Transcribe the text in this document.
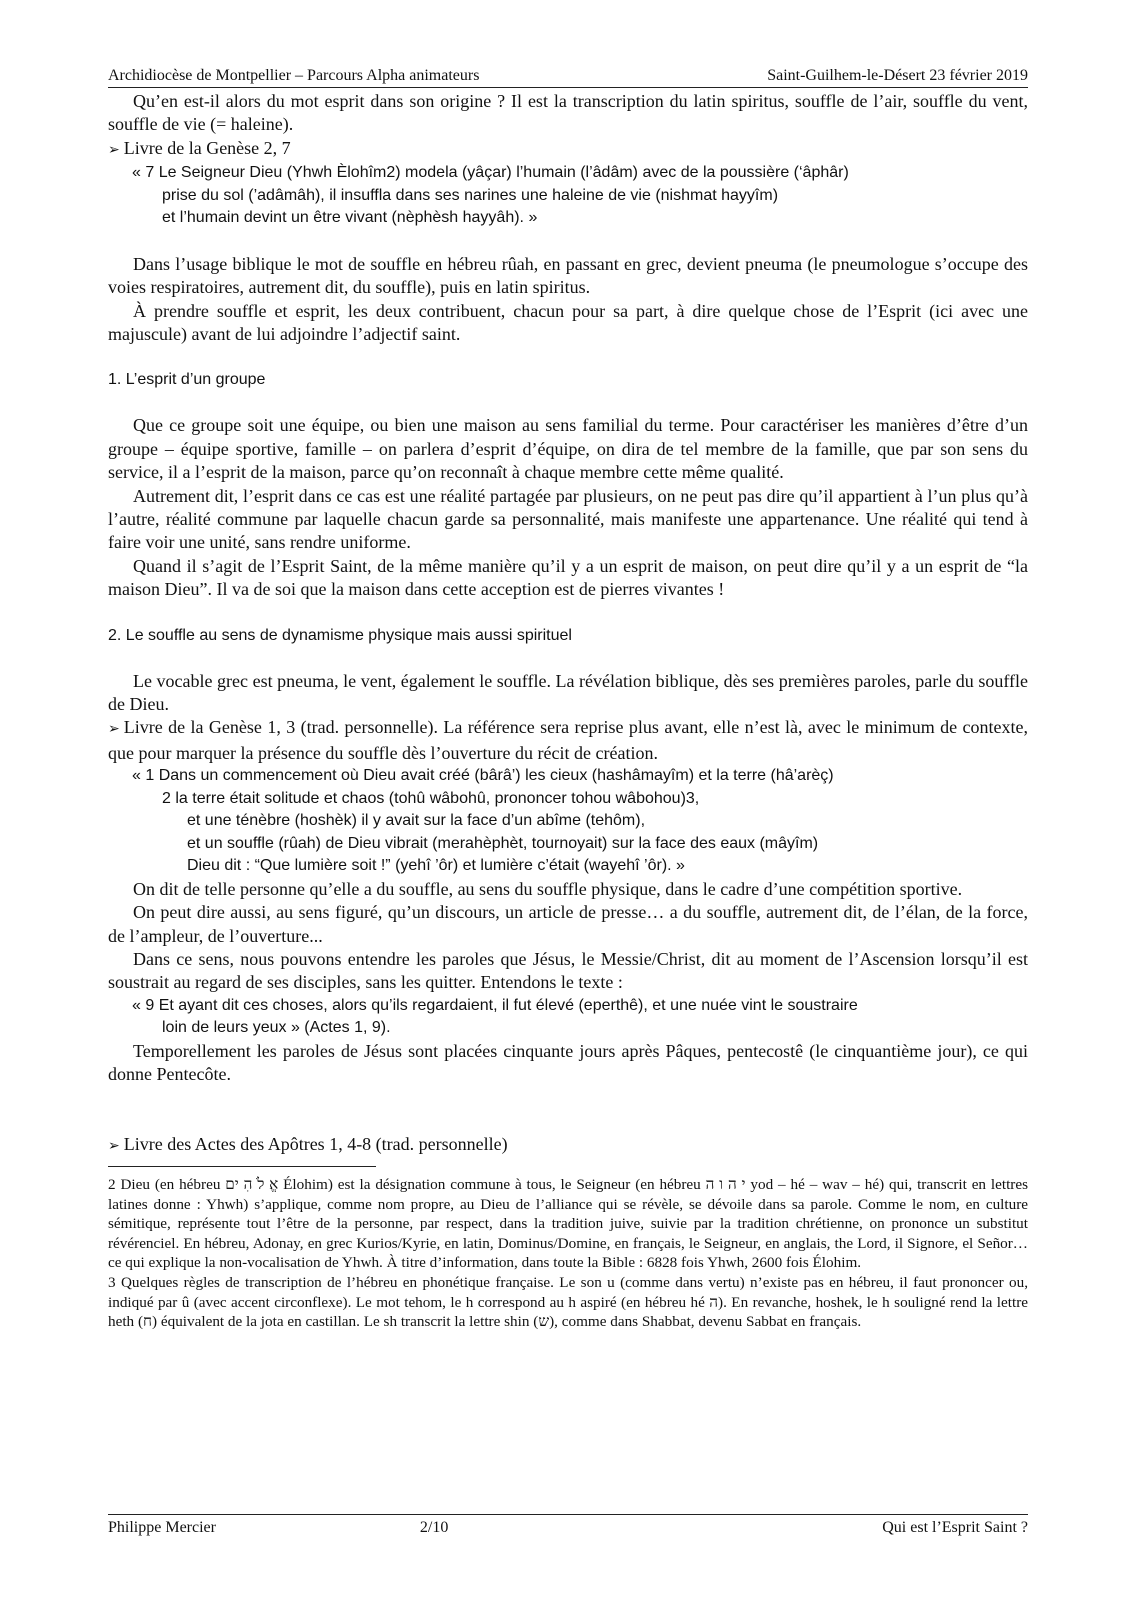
Archidiocèse de Montpellier – Parcours Alpha animateurs	Saint-Guilhem-le-Désert 23 février 2019

Qu’en est-il alors du mot esprit dans son origine ? Il est la transcription du latin spiritus, souffle de l’air, souffle du vent, souffle de vie (= haleine).

➢ Livre de la Genèse 2, 7

« 7 Le Seigneur Dieu (Yhwh Èlohîm2) modela (yâçar) l’humain (l’âdâm) avec de la poussière (‘âphâr)

prise du sol (’adâmâh), il insuffla dans ses narines une haleine de vie (nishmat hayyîm)

et l’humain devint un être vivant (nèphèsh hayyâh). »

Dans l’usage biblique le mot de souffle en hébreu rûah, en passant en grec, devient pneuma (le pneumologue s’occupe des voies respiratoires, autrement dit, du souffle), puis en latin spiritus.

À prendre souffle et esprit, les deux contribuent, chacun pour sa part, à dire quelque chose de l’Esprit (ici avec une majuscule) avant de lui adjoindre l’adjectif saint.

1. L’esprit d’un groupe

Que ce groupe soit une équipe, ou bien une maison au sens familial du terme. Pour caractériser les manières d’être d’un groupe – équipe sportive, famille – on parlera d’esprit d’équipe, on dira de tel membre de la famille, que par son sens du service, il a l’esprit de la maison, parce qu’on reconnaît à chaque membre cette même qualité.

Autrement dit, l’esprit dans ce cas est une réalité partagée par plusieurs, on ne peut pas dire qu’il appartient à l’un plus qu’à l’autre, réalité commune par laquelle chacun garde sa personnalité, mais manifeste une appartenance. Une réalité qui tend à faire voir une unité, sans rendre uniforme.

Quand il s’agit de l’Esprit Saint, de la même manière qu’il y a un esprit de maison, on peut dire qu’il y a un esprit de “la maison Dieu”. Il va de soi que la maison dans cette acception est de pierres vivantes !

2. Le souffle au sens de dynamisme physique mais aussi spirituel

Le vocable grec est pneuma, le vent, également le souffle. La révélation biblique, dès ses premières paroles, parle du souffle de Dieu.

➢ Livre de la Genèse 1, 3 (trad. personnelle). La référence sera reprise plus avant, elle n’est là, avec le minimum de contexte, que pour marquer la présence du souffle dès l’ouverture du récit de création.

« 1 Dans un commencement où Dieu avait créé (bârâ’) les cieux (hashâmayîm) et la terre (hâ’arèç)

2 la terre était solitude et chaos (tohû wâbohû, prononcer tohou wâbohou)3,

et une ténèbre (hoshèk) il y avait sur la face d’un abîme (tehôm),

et un souffle (rûah) de Dieu vibrait (merahèphèt, tournoyait) sur la face des eaux (mâyîm)

Dieu dit : “Que lumière soit !” (yehî ’ôr) et lumière c’était (wayehî ’ôr). »

On dit de telle personne qu’elle a du souffle, au sens du souffle physique, dans le cadre d’une compétition sportive.

On peut dire aussi, au sens figuré, qu’un discours, un article de presse… a du souffle, autrement dit, de l’élan, de la force, de l’ampleur, de l’ouverture...

Dans ce sens, nous pouvons entendre les paroles que Jésus, le Messie/Christ, dit au moment de l’Ascension lorsqu’il est soustrait au regard de ses disciples, sans les quitter. Entendons le texte :

« 9 Et ayant dit ces choses, alors qu’ils regardaient, il fut élevé (eperthê), et une nuée vint le soustraire

loin de leurs yeux » (Actes 1, 9).

Temporellement les paroles de Jésus sont placées cinquante jours après Pâques, pentecostê (le cinquantième jour), ce qui donne Pentecôte.

➢ Livre des Actes des Apôtres 1, 4-8 (trad. personnelle)

2 Dieu (en hébreu אֱ לֹ הִ ים Élohim) est la désignation commune à tous, le Seigneur (en hébreu י ה ו ה yod – hé – wav – hé) qui, transcrit en lettres latines donne : Yhwh) s’applique, comme nom propre, au Dieu de l’alliance qui se révèle, se dévoile dans sa parole. Comme le nom, en culture sémitique, représente tout l’être de la personne, par respect, dans la tradition juive, suivie par la tradition chrétienne, on prononce un substitut révérenciel. En hébreu, Adonay, en grec Kurios/Kyrie, en latin, Dominus/Domine, en français, le Seigneur, en anglais, the Lord, il Signore, el Señor… ce qui explique la non-vocalisation de Yhwh. À titre d’information, dans toute la Bible : 6828 fois Yhwh, 2600 fois Élohim.

3 Quelques règles de transcription de l’hébreu en phonétique française. Le son u (comme dans vertu) n’existe pas en hébreu, il faut prononcer ou, indiqué par û (avec accent circonflexe). Le mot tehom, le h correspond au h aspiré (en hébreu hé ה). En revanche, hoshek, le h souligné rend la lettre heth (ח) équivalent de la jota en castillan. Le sh transcrit la lettre shin (ש), comme dans Shabbat, devenu Sabbat en français.

Philippe Mercier	2/10	Qui est l’Esprit Saint ?
